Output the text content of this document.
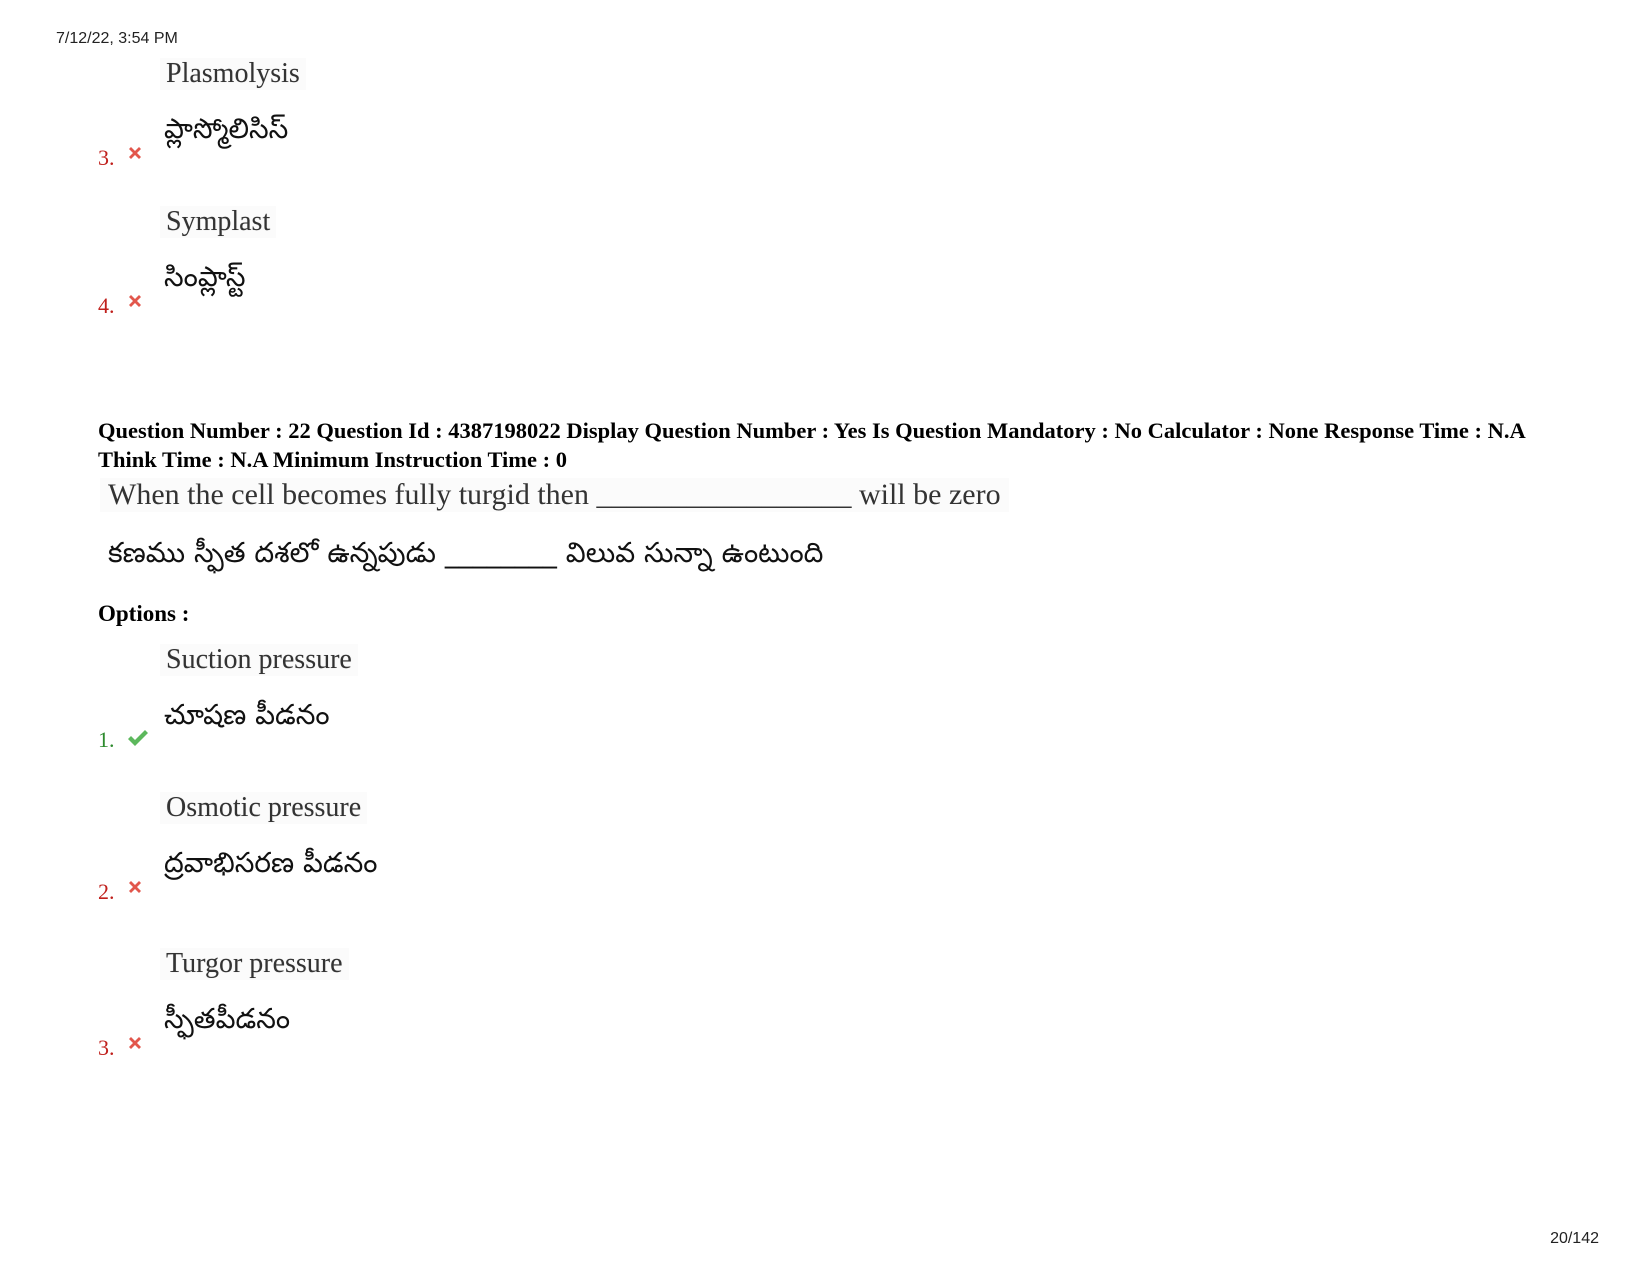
7/12/22, 3:54 PM
Plasmolysis
ప్లాస్మోలిసిస్
3.
Symplast
సింప్లాస్ట్
4.
Question Number : 22 Question Id : 4387198022 Display Question Number : Yes Is Question Mandatory : No Calculator : None Response Time : N.A Think Time : N.A Minimum Instruction Time : 0
When the cell becomes fully turgid then _________________ will be zero
కణము స్ఫీత దశలో ఉన్నపుడు ________ విలువ సున్నా ఉంటుంది
Options :
Suction pressure
చూషణ పీడనం
1.
Osmotic pressure
ద్రవాభిసరణ పీడనం
2.
Turgor pressure
స్ఫీతపీడనం
3.
20/142
